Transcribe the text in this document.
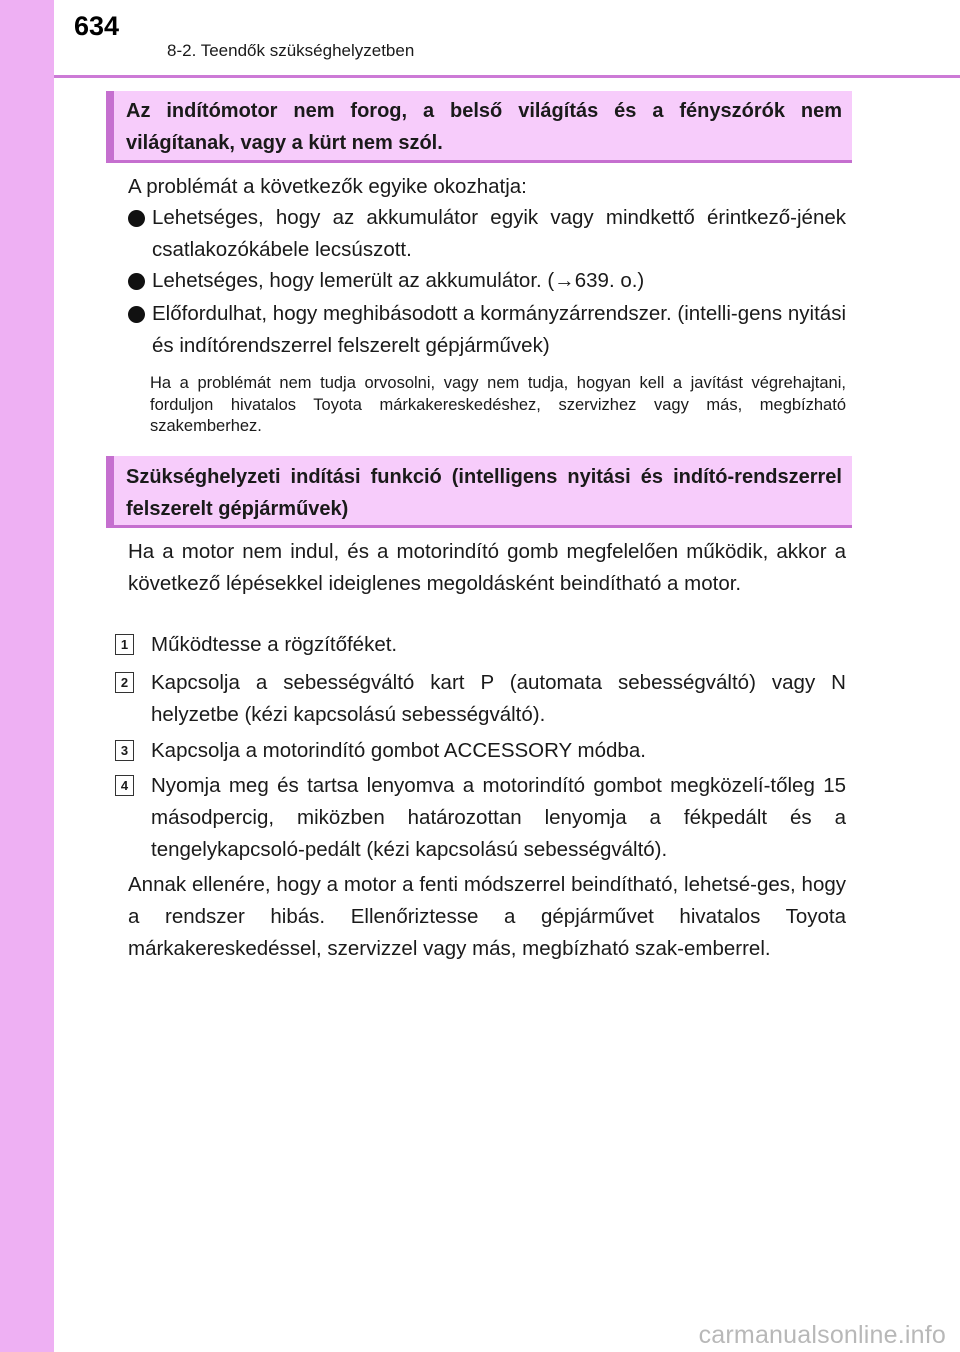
634
8-2. Teendők szükséghelyzetben
Az indítómotor nem forog, a belső világítás és a fényszórók nem világítanak, vagy a kürt nem szól.
A problémát a következők egyike okozhatja:
Lehetséges, hogy az akkumulátor egyik vagy mindkettő érintkező-jének csatlakozókábele lecsúszott.
Lehetséges, hogy lemerült az akkumulátor. (→639. o.)
Előfordulhat, hogy meghibásodott a kormányzárrendszer. (intelli-gens nyitási és indítórendszerrel felszerelt gépjárművek)
Ha a problémát nem tudja orvosolni, vagy nem tudja, hogyan kell a javítást végrehajtani, forduljon hivatalos Toyota márkakereskedéshez, szervizhez vagy más, megbízható szakemberhez.
Szükséghelyzeti indítási funkció (intelligens nyitási és indító-rendszerrel felszerelt gépjárművek)
Ha a motor nem indul, és a motorindító gomb megfelelően működik, akkor a következő lépésekkel ideiglenes megoldásként beindítható a motor.
1 Működtesse a rögzítőféket.
2 Kapcsolja a sebességváltó kart P (automata sebességváltó) vagy N helyzetbe (kézi kapcsolású sebességváltó).
3 Kapcsolja a motorindító gombot ACCESSORY módba.
4 Nyomja meg és tartsa lenyomva a motorindító gombot megközelí-tőleg 15 másodpercig, miközben határozottan lenyomja a fékpedált és a tengelykapcsoló-pedált (kézi kapcsolású sebességváltó).
Annak ellenére, hogy a motor a fenti módszerrel beindítható, lehetsé-ges, hogy a rendszer hibás. Ellenőriztesse a gépjárművet hivatalos Toyota márkakereskedéssel, szervizzel vagy más, megbízható szak-emberrel.
carmanualsonline.info
